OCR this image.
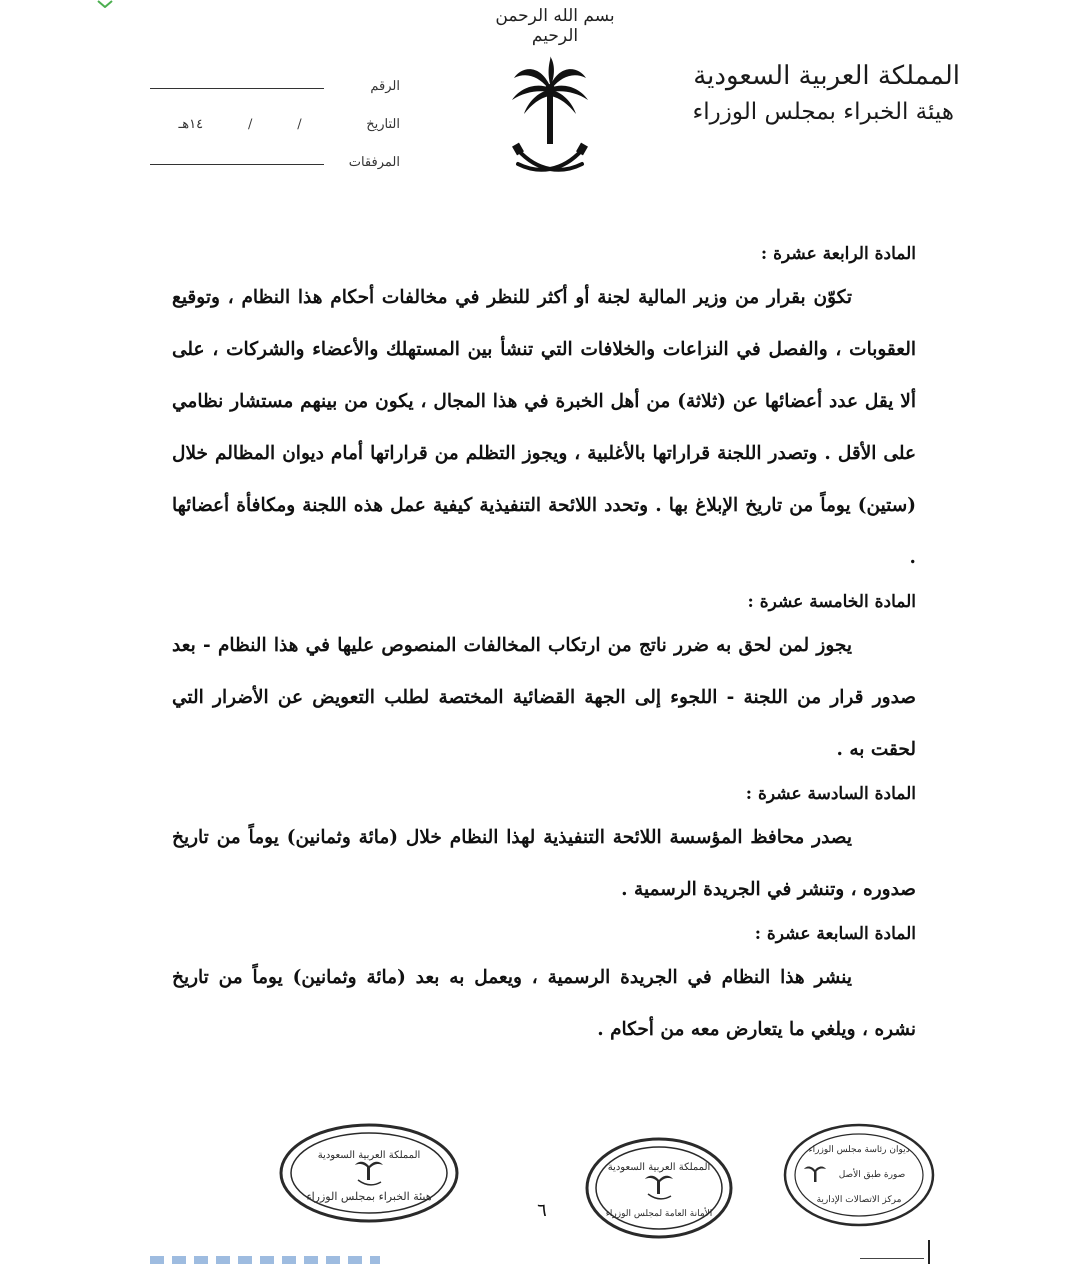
بسم الله الرحمن الرحيم
المملكة العربية السعودية
هيئة الخبراء بمجلس الوزراء
الرقم
التاريخ
/
/
١٤هـ
المرفقات

المادة الرابعة عشرة :

تكوّن بقرار من وزير المالية لجنة أو أكثر للنظر في مخالفات أحكام هذا النظام ، وتوقيع العقوبات ، والفصل في النزاعات والخلافات التي تنشأ بين المستهلك والأعضاء والشركات ، على ألا يقل عدد أعضائها عن (ثلاثة) من أهل الخبرة في هذا المجال ، يكون من بينهم مستشار نظامي على الأقل . وتصدر اللجنة قراراتها بالأغلبية ، ويجوز التظلم من قراراتها أمام ديوان المظالم خلال (ستين) يوماً من تاريخ الإبلاغ بها . وتحدد اللائحة التنفيذية كيفية عمل هذه اللجنة ومكافأة أعضائها .

المادة الخامسة عشرة :

يجوز لمن لحق به ضرر ناتج من ارتكاب المخالفات المنصوص عليها في هذا النظام - بعد صدور قرار من اللجنة - اللجوء إلى الجهة القضائية المختصة لطلب التعويض عن الأضرار التي لحقت به .

المادة السادسة عشرة :

يصدر محافظ المؤسسة اللائحة التنفيذية لهذا النظام خلال (مائة وثمانين) يوماً من تاريخ صدوره ، وتنشر في الجريدة الرسمية .

المادة السابعة عشرة :

ينشر هذا النظام في الجريدة الرسمية ، ويعمل به بعد (مائة وثمانين) يوماً من تاريخ نشره ، ويلغي ما يتعارض معه من أحكام .

٦
المملكة العربية السعودية
هيئة الخبراء بمجلس الوزراء
المملكة العربية السعودية
الأمانة العامة لمجلس الوزراء
ديوان رئاسة مجلس الوزراء
صورة طبق الأصل
مركز الاتصالات الإدارية
